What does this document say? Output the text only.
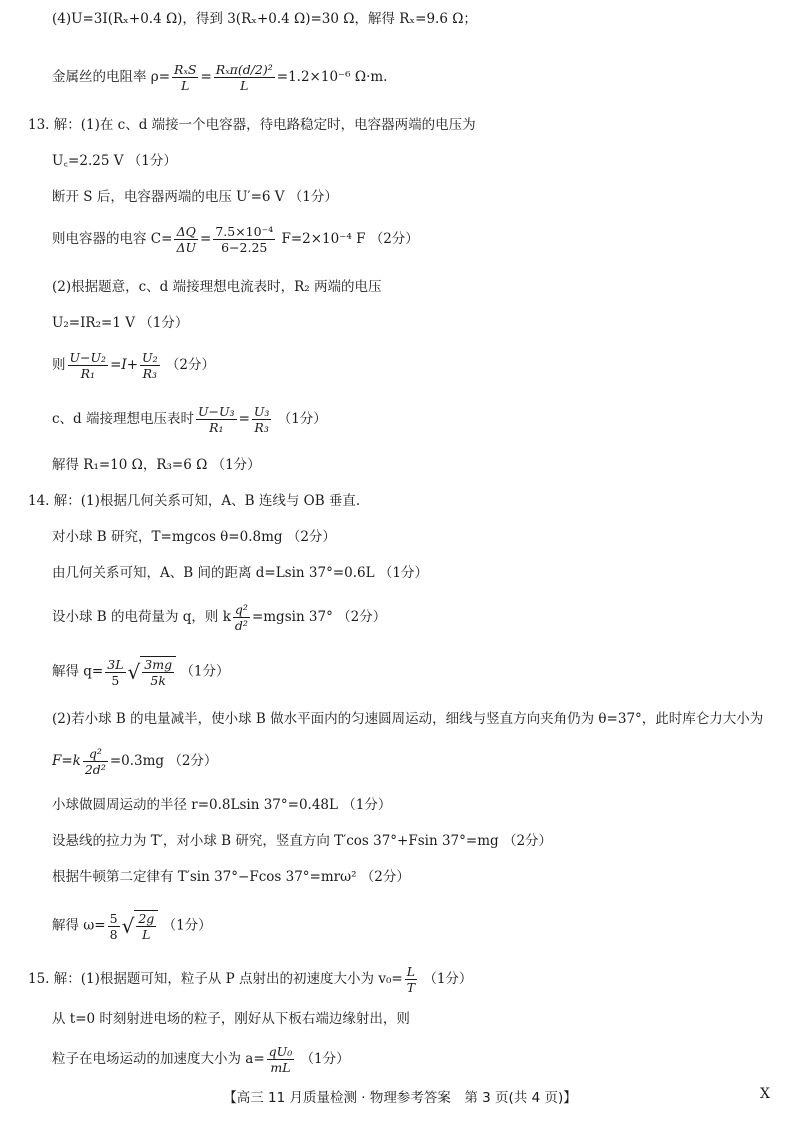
(4)U=3I(Rₓ+0.4 Ω)，得到 3(Rₓ+0.4 Ω)=30 Ω，解得 Rₓ=9.6 Ω；
金属丝的电阻率 $\rho= \frac{\text{RₓS}}{L} = \frac{\text{Rₓπ(d/2)²}}{L} =1.2\times 10^{-6}$ Ω·m.
13. 解：(1)在 c、d 端接一个电容器，待电路稳定时，电容器两端的电压为
U꜀=2.25 V （1分）
断开 S 后，电容器两端的电压 U′=6 V （1分）
则电容器的电容 $C= \frac{\Delta Q}{\Delta U} = \frac{\text{7.5×10⁻⁴}}{6-2.25} F=2\times 10^{-4}$ F （2分）
(2)根据题意，c、d 端接理想电流表时，R₂ 两端的电压
U₂=IR₂=1 V （1分）
则 $\frac{\text{U−U₂}}{\text{R₁}} =I+ \frac{\text{U₂}}{\text{R₃}} (2$分）
c、d 端接理想电压表时 $\frac{\text{U−U₃}}{\text{R₁}} = \frac{\text{U₃}}{\text{R₃}} (1$分）
解得 R₁=10 Ω，R₃=6 Ω （1分）
14. 解：(1)根据几何关系可知，A、B 连线与 OB 垂直.
对小球 B 研究，T=mgcos θ=0.8mg （2分）
由几何关系可知，A、B 间的距离 d=Lsin 37°=0.6L （1分）
设小球 B 的电荷量为 q，则 k $\frac{\text{q²}}{\text{d²}} =mgsin$ 37° （2分）
解得 $q= \frac{3L}{5}$ √ $\frac{3mg}{5k} (1$分）
(2)若小球 B 的电量减半，使小球 B 做水平面内的匀速圆周运动，细线与竖直方向夹角仍为 θ=37°，此时库仑力大小为
$F=k \frac{\text{q²}}{\text{2d²}} =0.3mg$ （2分）
小球做圆周运动的半径 r=0.8Lsin 37°=0.48L （1分）
设悬线的拉力为 T′，对小球 B 研究，竖直方向 T′cos 37°+Fsin 37°=mg （2分）
根据牛顿第二定律有 T′sin 37°−Fcos 37°=mrω² （2分）
解得 $\omega= \frac{5}{8}$ √ $\frac{2g}{L} (1$分）
15. 解：(1)根据题可知，粒子从 P 点射出的初速度大小为 $v_0= \frac{L}{T} (1$分）
从 t=0 时刻射进电场的粒子，刚好从下板右端边缘射出，则
粒子在电场运动的加速度大小为 $a= \frac{\text{qU₀}}{mL} (1$分）
【高三 11 月质量检测 · 物理参考答案　第 3 页(共 4 页)】	X
